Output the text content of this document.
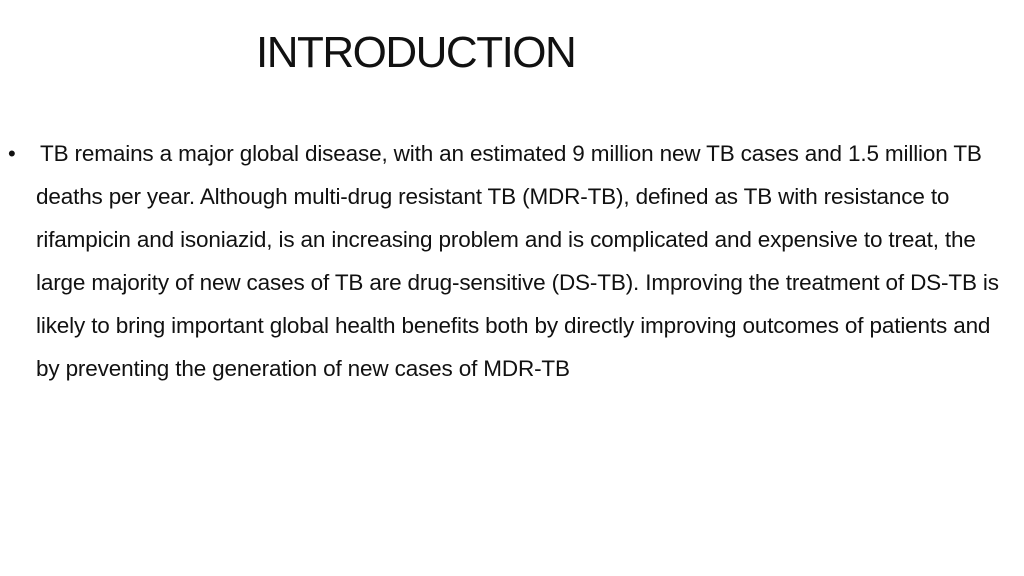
INTRODUCTION
• TB remains a major global disease, with an estimated 9 million new TB cases and 1.5 million TB deaths per year. Although multi-drug resistant TB (MDR-TB), defined as TB with resistance to rifampicin and isoniazid, is an increasing problem and is complicated and expensive to treat, the large majority of new cases of TB are drug-sensitive (DS-TB). Improving the treatment of DS-TB is likely to bring important global health benefits both by directly improving outcomes of patients and by preventing the generation of new cases of MDR-TB
